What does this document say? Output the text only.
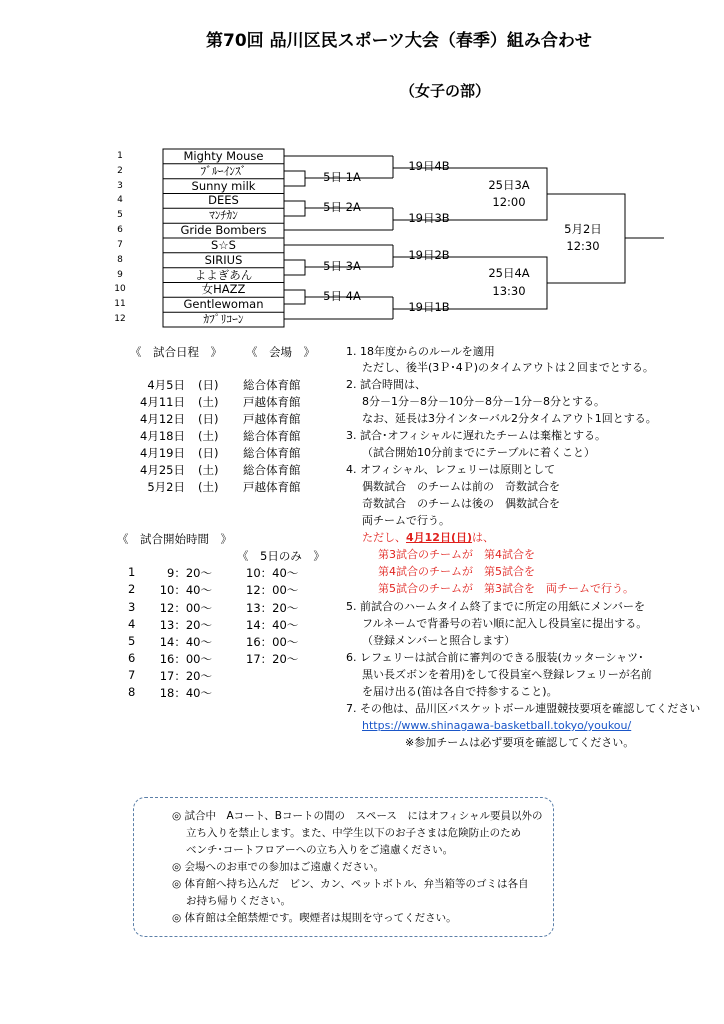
第70回 品川区民スポーツ大会（春季）組み合わせ
（女子の部）
1
2
3
4
5
6
7
8
9
10
11
12
Mighty Mouse
ﾌﾞﾙｰｲﾝｽﾞ
Sunny milk
DEES
ﾏﾝﾁｶﾝ
Gride Bombers
S☆S
SIRIUS
よよぎあん
女HAZZ
Gentlewoman
ｶﾌﾟﾘｺｰﾝ
5日 1A
5日 2A
5日 3A
5日 4A
19日4B
19日3B
19日2B
19日1B
25日3A
12:00
25日4A
13:30
5月2日
12:30
《　試合日程　》 《　会場　》
4月5日 (日) 総合体育館
4月11日 (土) 戸越体育館
4月12日 (日) 戸越体育館
4月18日 (土) 総合体育館
4月19日 (日) 総合体育館
4月25日 (土) 総合体育館
5月2日 (土) 戸越体育館
《　試合開始時間　》
《　5日のみ　》
1	9：20～	10：40～
2	10：40～	12：00～
3	12：00～	13：20～
4	13：20～	14：40～
5	14：40～	16：00～
6	16：00～	17：20～
7	17：20～
8	18：40～
1. 18年度からのルールを適用
ただし、後半(3Ｐ･4Ｐ)のタイムアウトは２回までとする。
2. 試合時間は、
8分－1分－8分－10分－8分－1分－8分とする。
なお、延長は3分インターバル2分タイムアウト1回とする。
3. 試合･オフィシャルに遅れたチームは棄権とする。
（試合開始10分前までにテーブルに着くこと）
4. オフィシャル、レフェリーは原則として
偶数試合　のチームは前の　奇数試合を
奇数試合　のチームは後の　偶数試合を
両チームで行う。
ただし、4月12日(日)は、
第3試合のチームが　第4試合を
第4試合のチームが　第5試合を
第5試合のチームが　第3試合を　両チームで行う。
5. 前試合のハームタイム終了までに所定の用紙にメンバーを
フルネームで背番号の若い順に記入し役員室に提出する。
（登録メンバーと照合します）
6. レフェリーは試合前に審判のできる服装(カッターシャツ･
黒い長ズボンを着用)をして役員室へ登録レフェリーが名前
を届け出る(笛は各自で持参すること)。
7. その他は、品川区バスケットボール連盟競技要項を確認してください
https://www.shinagawa-basketball.tokyo/youkou/
※参加チームは必ず要項を確認してください。
◎ 試合中　Aコート、Bコートの間の　スペース　にはオフィシャル要員以外の
立ち入りを禁止します。また、中学生以下のお子さまは危険防止のため
ベンチ･コートフロアーへの立ち入りをご遠慮ください。
◎ 会場へのお車での参加はご遠慮ください。
◎ 体育館へ持ち込んだ　ビン、カン、ペットボトル、弁当箱等のゴミは各自
お持ち帰りください。
◎ 体育館は全館禁煙です。喫煙者は規則を守ってください。
